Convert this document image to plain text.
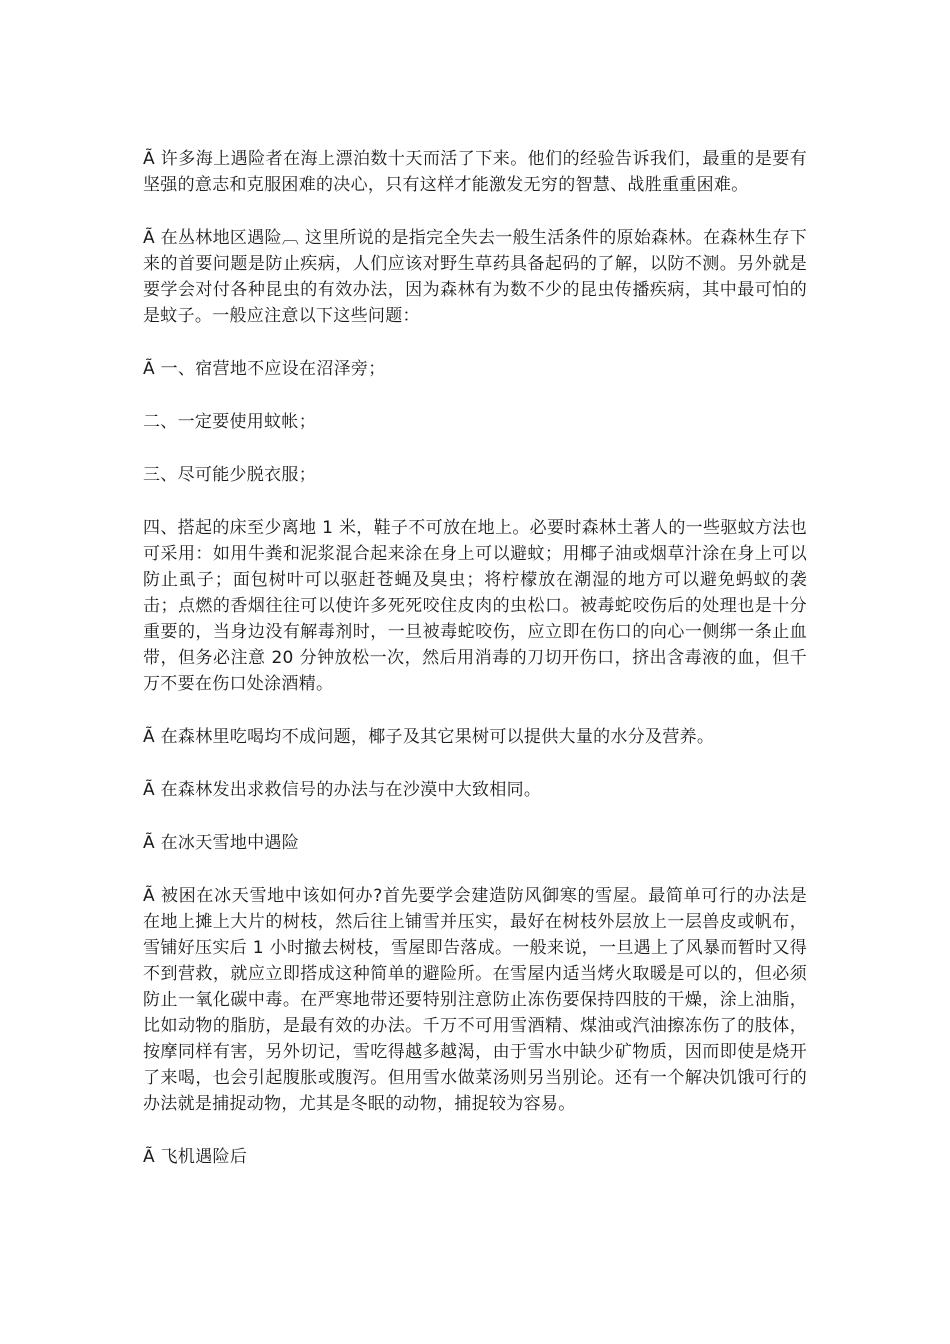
Ã 许多海上遇险者在海上漂泊数十天而活了下来。他们的经验告诉我们，最重的是要有坚强的意志和克服困难的决心，只有这样才能激发无穷的智慧、战胜重重困难。

Ã 在丛林地区遇险︹ 这里所说的是指完全失去一般生活条件的原始森林。在森林生存下来的首要问题是防止疾病，人们应该对野生草药具备起码的了解，以防不测。另外就是要学会对付各种昆虫的有效办法，因为森林有为数不少的昆虫传播疾病，其中最可怕的是蚊子。一般应注意以下这些问题：

Ã 一、宿营地不应设在沼泽旁；

二、一定要使用蚊帐；

三、尽可能少脱衣服；

四、搭起的床至少离地 1 米，鞋子不可放在地上。必要时森林土著人的一些驱蚊方法也可采用：如用牛粪和泥浆混合起来涂在身上可以避蚊；用椰子油或烟草汁涂在身上可以防止虱子；面包树叶可以驱赶苍蝇及臭虫；将柠檬放在潮湿的地方可以避免蚂蚁的袭击；点燃的香烟往往可以使许多死死咬住皮肉的虫松口。被毒蛇咬伤后的处理也是十分重要的，当身边没有解毒剂时，一旦被毒蛇咬伤，应立即在伤口的向心一侧绑一条止血带，但务必注意 20 分钟放松一次，然后用消毒的刀切开伤口，挤出含毒液的血，但千万不要在伤口处涂酒精。

Ã 在森林里吃喝均不成问题，椰子及其它果树可以提供大量的水分及营养。

Ã 在森林发出求救信号的办法与在沙漠中大致相同。

Ã 在冰天雪地中遇险

Ã 被困在冰天雪地中该如何办?首先要学会建造防风御寒的雪屋。最简单可行的办法是在地上摊上大片的树枝，然后往上铺雪并压实，最好在树枝外层放上一层兽皮或帆布，雪铺好压实后 1 小时撤去树枝，雪屋即告落成。一般来说，一旦遇上了风暴而暂时又得不到营救，就应立即搭成这种简单的避险所。在雪屋内适当烤火取暖是可以的，但必须防止一氧化碳中毒。在严寒地带还要特别注意防止冻伤要保持四肢的干燥，涂上油脂，比如动物的脂肪，是最有效的办法。千万不可用雪酒精、煤油或汽油擦冻伤了的肢体，按摩同样有害，另外切记，雪吃得越多越渴，由于雪水中缺少矿物质，因而即使是烧开了来喝，也会引起腹胀或腹泻。但用雪水做菜汤则另当别论。还有一个解决饥饿可行的办法就是捕捉动物，尤其是冬眠的动物，捕捉较为容易。

Ã 飞机遇险后
